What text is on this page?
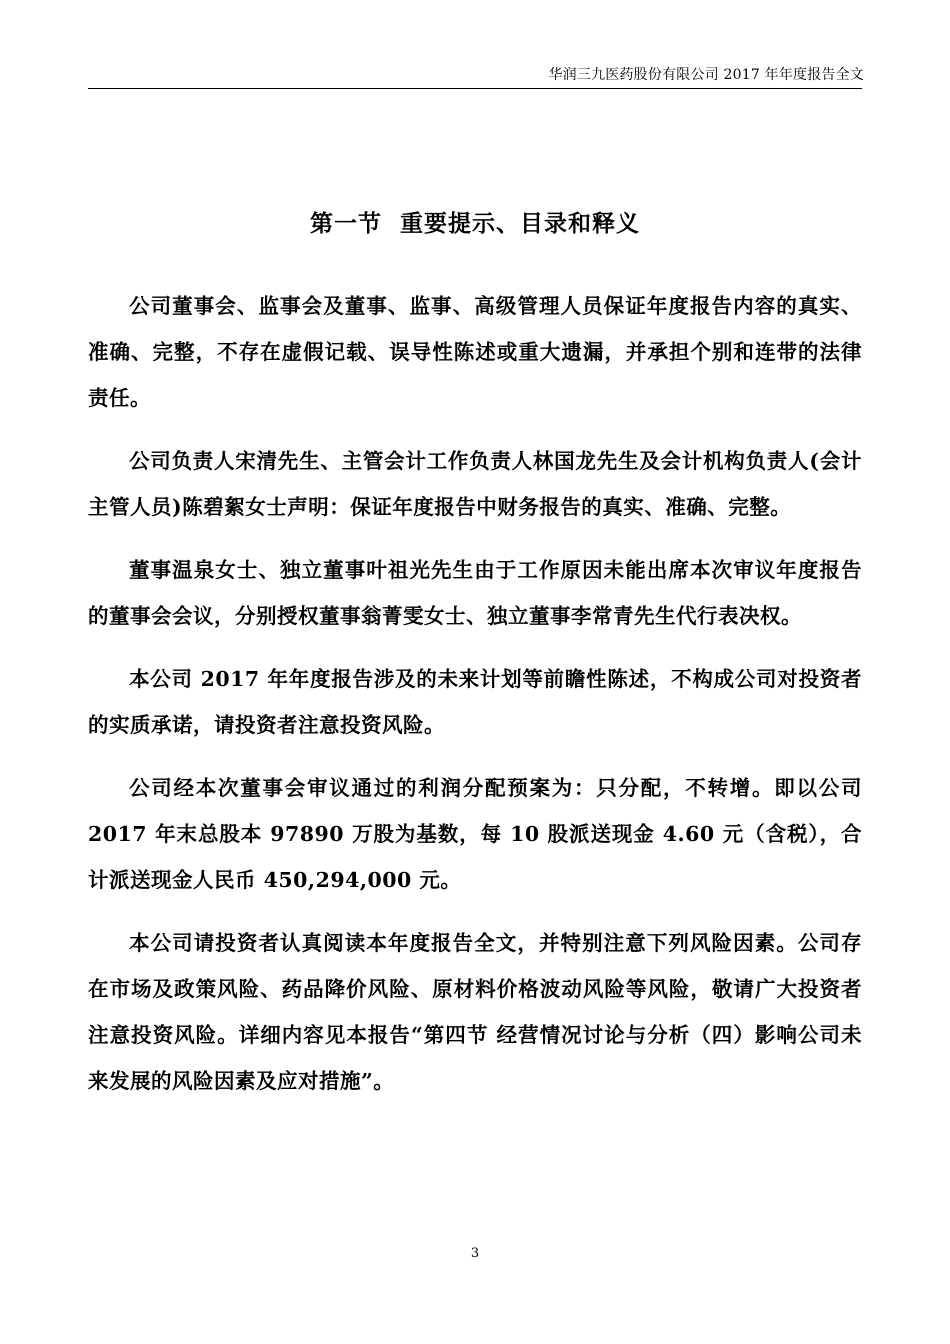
华润三九医药股份有限公司 2017 年年度报告全文
第一节  重要提示、目录和释义

公司董事会、监事会及董事、监事、高级管理人员保证年度报告内容的真实、准确、完整，不存在虚假记载、误导性陈述或重大遗漏，并承担个别和连带的法律责任。

公司负责人宋清先生、主管会计工作负责人林国龙先生及会计机构负责人(会计主管人员)陈碧絮女士声明：保证年度报告中财务报告的真实、准确、完整。

董事温泉女士、独立董事叶祖光先生由于工作原因未能出席本次审议年度报告的董事会会议，分别授权董事翁菁雯女士、独立董事李常青先生代行表决权。

本公司 2017 年年度报告涉及的未来计划等前瞻性陈述，不构成公司对投资者的实质承诺，请投资者注意投资风险。

公司经本次董事会审议通过的利润分配预案为：只分配，不转增。即以公司 2017 年末总股本 97890 万股为基数，每 10 股派送现金 4.60 元（含税），合计派送现金人民币 450,294,000 元。

本公司请投资者认真阅读本年度报告全文，并特别注意下列风险因素。公司存在市场及政策风险、药品降价风险、原材料价格波动风险等风险，敬请广大投资者注意投资风险。详细内容见本报告“第四节 经营情况讨论与分析（四）影响公司未来发展的风险因素及应对措施”。

3
